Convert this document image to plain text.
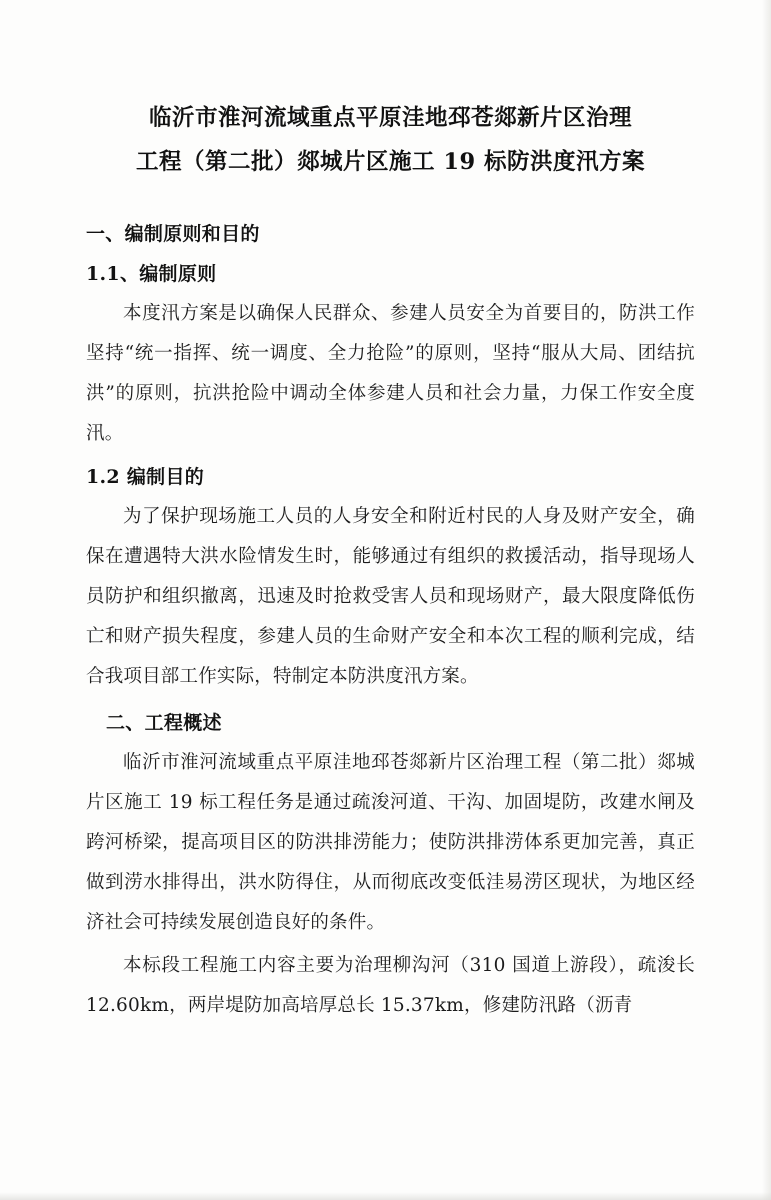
临沂市淮河流域重点平原洼地邳苍郯新片区治理
工程（第二批）郯城片区施工 19 标防洪度汛方案
一、编制原则和目的
1.1、编制原则

本度汛方案是以确保人民群众、参建人员安全为首要目的，防洪工作坚持“统一指挥、统一调度、全力抢险”的原则，坚持“服从大局、团结抗洪”的原则，抗洪抢险中调动全体参建人员和社会力量，力保工作安全度汛。

1.2 编制目的

为了保护现场施工人员的人身安全和附近村民的人身及财产安全，确保在遭遇特大洪水险情发生时，能够通过有组织的救援活动，指导现场人员防护和组织撤离，迅速及时抢救受害人员和现场财产，最大限度降低伤亡和财产损失程度，参建人员的生命财产安全和本次工程的顺利完成，结合我项目部工作实际，特制定本防洪度汛方案。

二、工程概述

临沂市淮河流域重点平原洼地邳苍郯新片区治理工程（第二批）郯城片区施工 19 标工程任务是通过疏浚河道、干沟、加固堤防，改建水闸及跨河桥梁，提高项目区的防洪排涝能力；使防洪排涝体系更加完善，真正做到涝水排得出，洪水防得住，从而彻底改变低洼易涝区现状，为地区经济社会可持续发展创造良好的条件。

本标段工程施工内容主要为治理柳沟河（310 国道上游段），疏浚长 12.60km，两岸堤防加高培厚总长 15.37km，修建防汛路（沥青
